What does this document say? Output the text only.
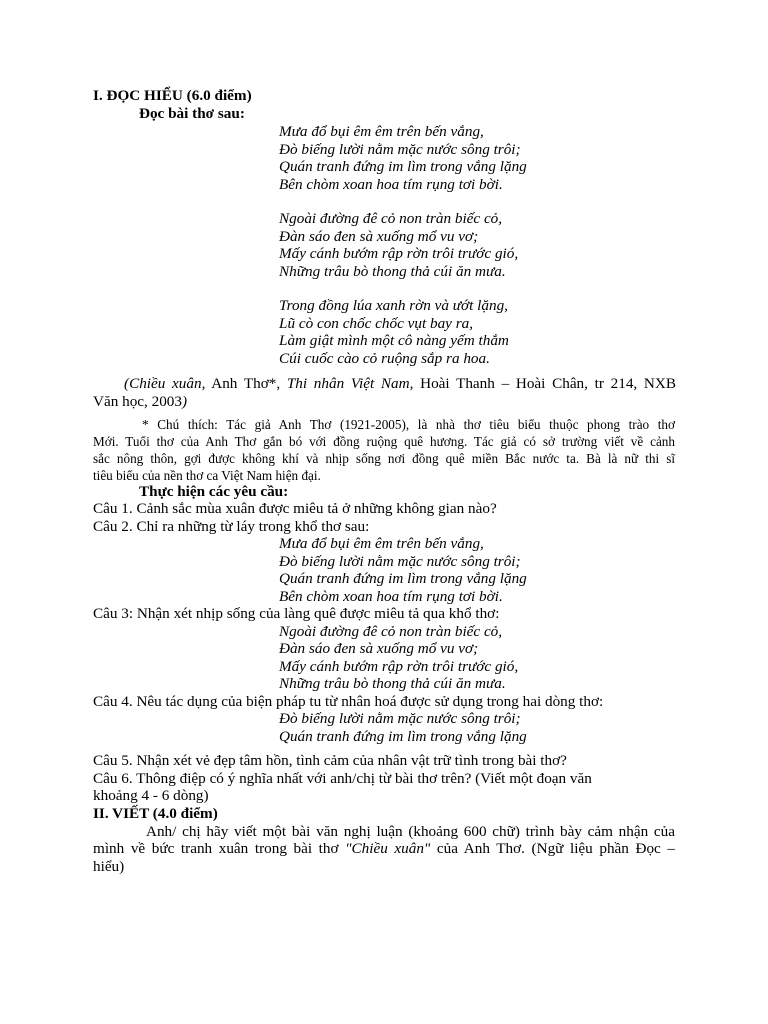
I. ĐỌC HIỂU (6.0 điểm)
Đọc bài thơ sau:
Mưa đổ bụi êm êm trên bến vắng,
Đò biếng lười nằm mặc nước sông trôi;
Quán tranh đứng im lìm trong vắng lặng
Bên chòm xoan hoa tím rụng tơi bời.
Ngoài đường đê cỏ non tràn biếc cỏ,
Đàn sáo đen sà xuống mổ vu vơ;
Mấy cánh bướm rập rờn trôi trước gió,
Những trâu bò thong thả cúi ăn mưa.
Trong đồng lúa xanh rờn và ướt lặng,
Lũ cò con chốc chốc vụt bay ra,
Làm giật mình một cô nàng yếm thắm
Cúi cuốc cào cỏ ruộng sắp ra hoa.
(Chiều xuân, Anh Thơ*, Thi nhân Việt Nam, Hoài Thanh – Hoài Chân, tr 214, NXB
Văn học, 2003)
* Chú thích: Tác giả Anh Thơ (1921-2005), là nhà thơ tiêu biểu thuộc phong trào thơ
Mới. Tuổi thơ của Anh Thơ gắn bó với đồng ruộng quê hương. Tác giả có sở trường viết về cảnh
sắc nông thôn, gợi được không khí và nhịp sống nơi đồng quê miền Bắc nước ta. Bà là nữ thi sĩ
tiêu biểu của nền thơ ca Việt Nam hiện đại.
Thực hiện các yêu cầu:
Câu 1. Cảnh sắc mùa xuân được miêu tả ở những không gian nào?
Câu 2. Chỉ ra những từ láy trong khổ thơ sau:
Mưa đổ bụi êm êm trên bến vắng,
Đò biếng lười nằm mặc nước sông trôi;
Quán tranh đứng im lìm trong vắng lặng
Bên chòm xoan hoa tím rụng tơi bời.
Câu 3: Nhận xét nhịp sống của làng quê được miêu tả qua khổ thơ:
Ngoài đường đê cỏ non tràn biếc cỏ,
Đàn sáo đen sà xuống mổ vu vơ;
Mấy cánh bướm rập rờn trôi trước gió,
Những trâu bò thong thả cúi ăn mưa.
Câu 4. Nêu tác dụng của biện pháp tu từ nhân hoá được sử dụng trong hai dòng thơ:
Đò biếng lười nằm mặc nước sông trôi;
Quán tranh đứng im lìm trong vắng lặng
Câu 5. Nhận xét vẻ đẹp tâm hồn, tình cảm của nhân vật trữ tình trong bài thơ?
Câu 6. Thông điệp có ý nghĩa nhất với anh/chị từ bài thơ trên? (Viết một đoạn văn
khoảng 4 - 6 dòng)
II. VIẾT (4.0 điểm)
Anh/ chị hãy viết một bài văn nghị luận (khoảng 600 chữ) trình bày cảm nhận của
mình về bức tranh xuân trong bài thơ "Chiều xuân" của Anh Thơ. (Ngữ liệu phần Đọc –
hiểu)
